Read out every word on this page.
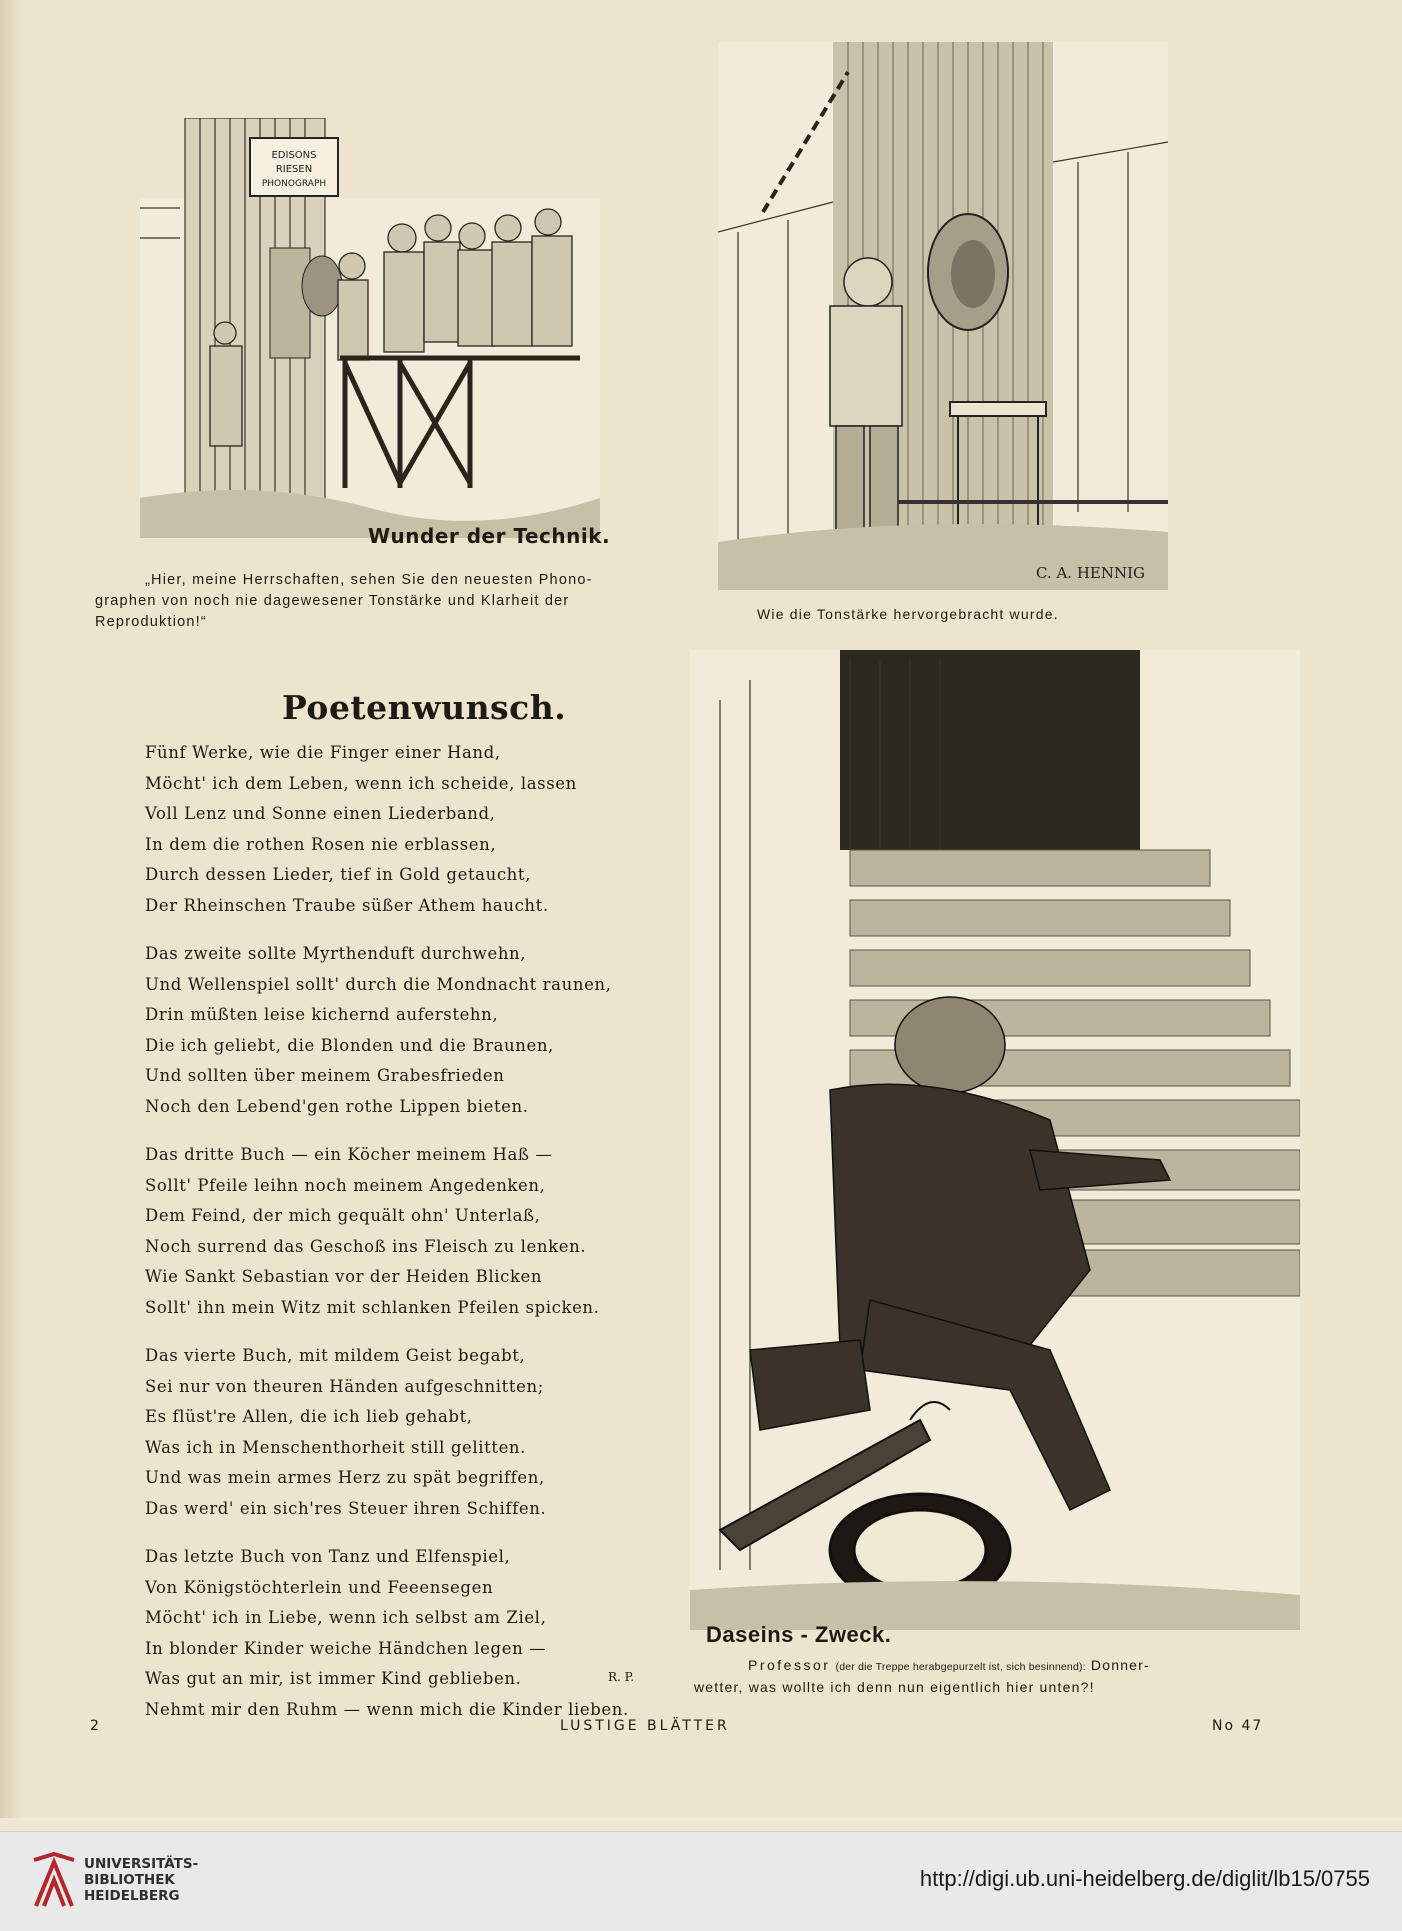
EDISONS
RIESEN
PHONOGRAPH
Wunder der Technik.
„Hier, meine Herrschaften, sehen Sie den neuesten Phono-
graphen von noch nie dagewesener Tonstärke und Klarheit der
Reproduktion!“
C. A. HENNIG
Wie die Tonstärke hervorgebracht wurde.
Poetenwunsch.
Fünf Werke, wie die Finger einer Hand,
Möcht' ich dem Leben, wenn ich scheide, lassen
Voll Lenz und Sonne einen Liederband,
In dem die rothen Rosen nie erblassen,
Durch dessen Lieder, tief in Gold getaucht,
Der Rheinschen Traube süßer Athem haucht.
Das zweite sollte Myrthenduft durchwehn,
Und Wellenspiel sollt' durch die Mondnacht raunen,
Drin müßten leise kichernd auferstehn,
Die ich geliebt, die Blonden und die Braunen,
Und sollten über meinem Grabesfrieden
Noch den Lebend'gen rothe Lippen bieten.
Das dritte Buch — ein Köcher meinem Haß —
Sollt' Pfeile leihn noch meinem Angedenken,
Dem Feind, der mich gequält ohn' Unterlaß,
Noch surrend das Geschoß ins Fleisch zu lenken.
Wie Sankt Sebastian vor der Heiden Blicken
Sollt' ihn mein Witz mit schlanken Pfeilen spicken.
Das vierte Buch, mit mildem Geist begabt,
Sei nur von theuren Händen aufgeschnitten;
Es flüst're Allen, die ich lieb gehabt,
Was ich in Menschenthorheit still gelitten.
Und was mein armes Herz zu spät begriffen,
Das werd' ein sich'res Steuer ihren Schiffen.
Das letzte Buch von Tanz und Elfenspiel,
Von Königstöchterlein und Feeensegen
Möcht' ich in Liebe, wenn ich selbst am Ziel,
In blonder Kinder weiche Händchen legen —
Was gut an mir, ist immer Kind geblieben.
Nehmt mir den Ruhm — wenn mich die Kinder lieben.
R. P.
Daseins - Zweck.
Professor (der die Treppe herabgepurzelt ist, sich besinnend): Donner-
wetter, was wollte ich denn nun eigentlich hier unten?!
2	LUSTIGE BLÄTTER	No 47
UNIVERSITÄTS-
BIBLIOTHEK
HEIDELBERG
http://digi.ub.uni-heidelberg.de/diglit/lb15/0755
